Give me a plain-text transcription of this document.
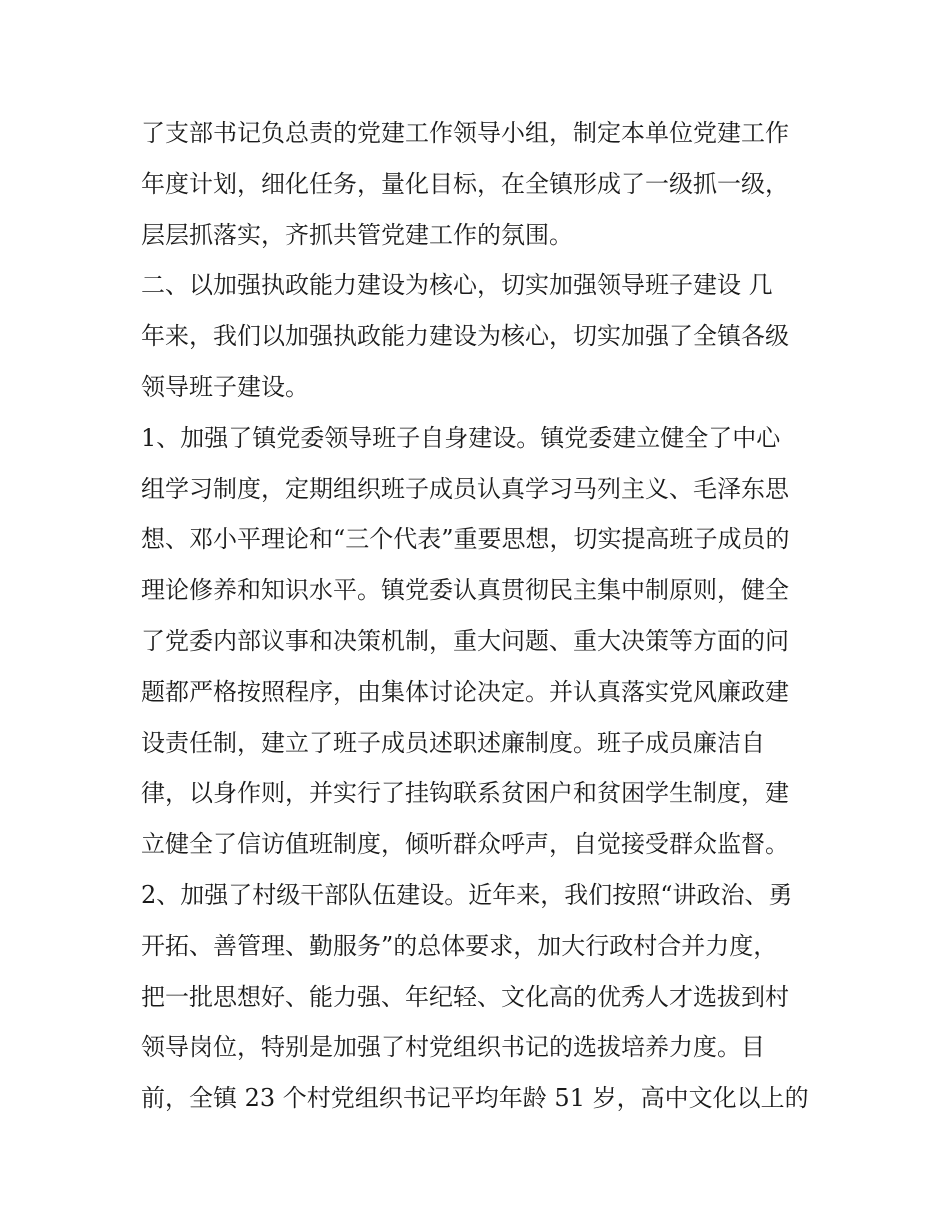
了支部书记负总责的党建工作领导小组，制定本单位党建工作
年度计划，细化任务，量化目标，在全镇形成了一级抓一级，
层层抓落实，齐抓共管党建工作的氛围。
二、以加强执政能力建设为核心，切实加强领导班子建设 几
年来，我们以加强执政能力建设为核心，切实加强了全镇各级
领导班子建设。
1、加强了镇党委领导班子自身建设。镇党委建立健全了中心
组学习制度，定期组织班子成员认真学习马列主义、毛泽东思
想、邓小平理论和“三个代表”重要思想，切实提高班子成员的
理论修养和知识水平。镇党委认真贯彻民主集中制原则，健全
了党委内部议事和决策机制，重大问题、重大决策等方面的问
题都严格按照程序，由集体讨论决定。并认真落实党风廉政建
设责任制，建立了班子成员述职述廉制度。班子成员廉洁自
律，以身作则，并实行了挂钩联系贫困户和贫困学生制度，建
立健全了信访值班制度，倾听群众呼声，自觉接受群众监督。
2、加强了村级干部队伍建设。近年来，我们按照“讲政治、勇
开拓、善管理、勤服务”的总体要求，加大行政村合并力度，
把一批思想好、能力强、年纪轻、文化高的优秀人才选拔到村
领导岗位，特别是加强了村党组织书记的选拔培养力度。目
前，全镇 23 个村党组织书记平均年龄 51 岁，高中文化以上的
